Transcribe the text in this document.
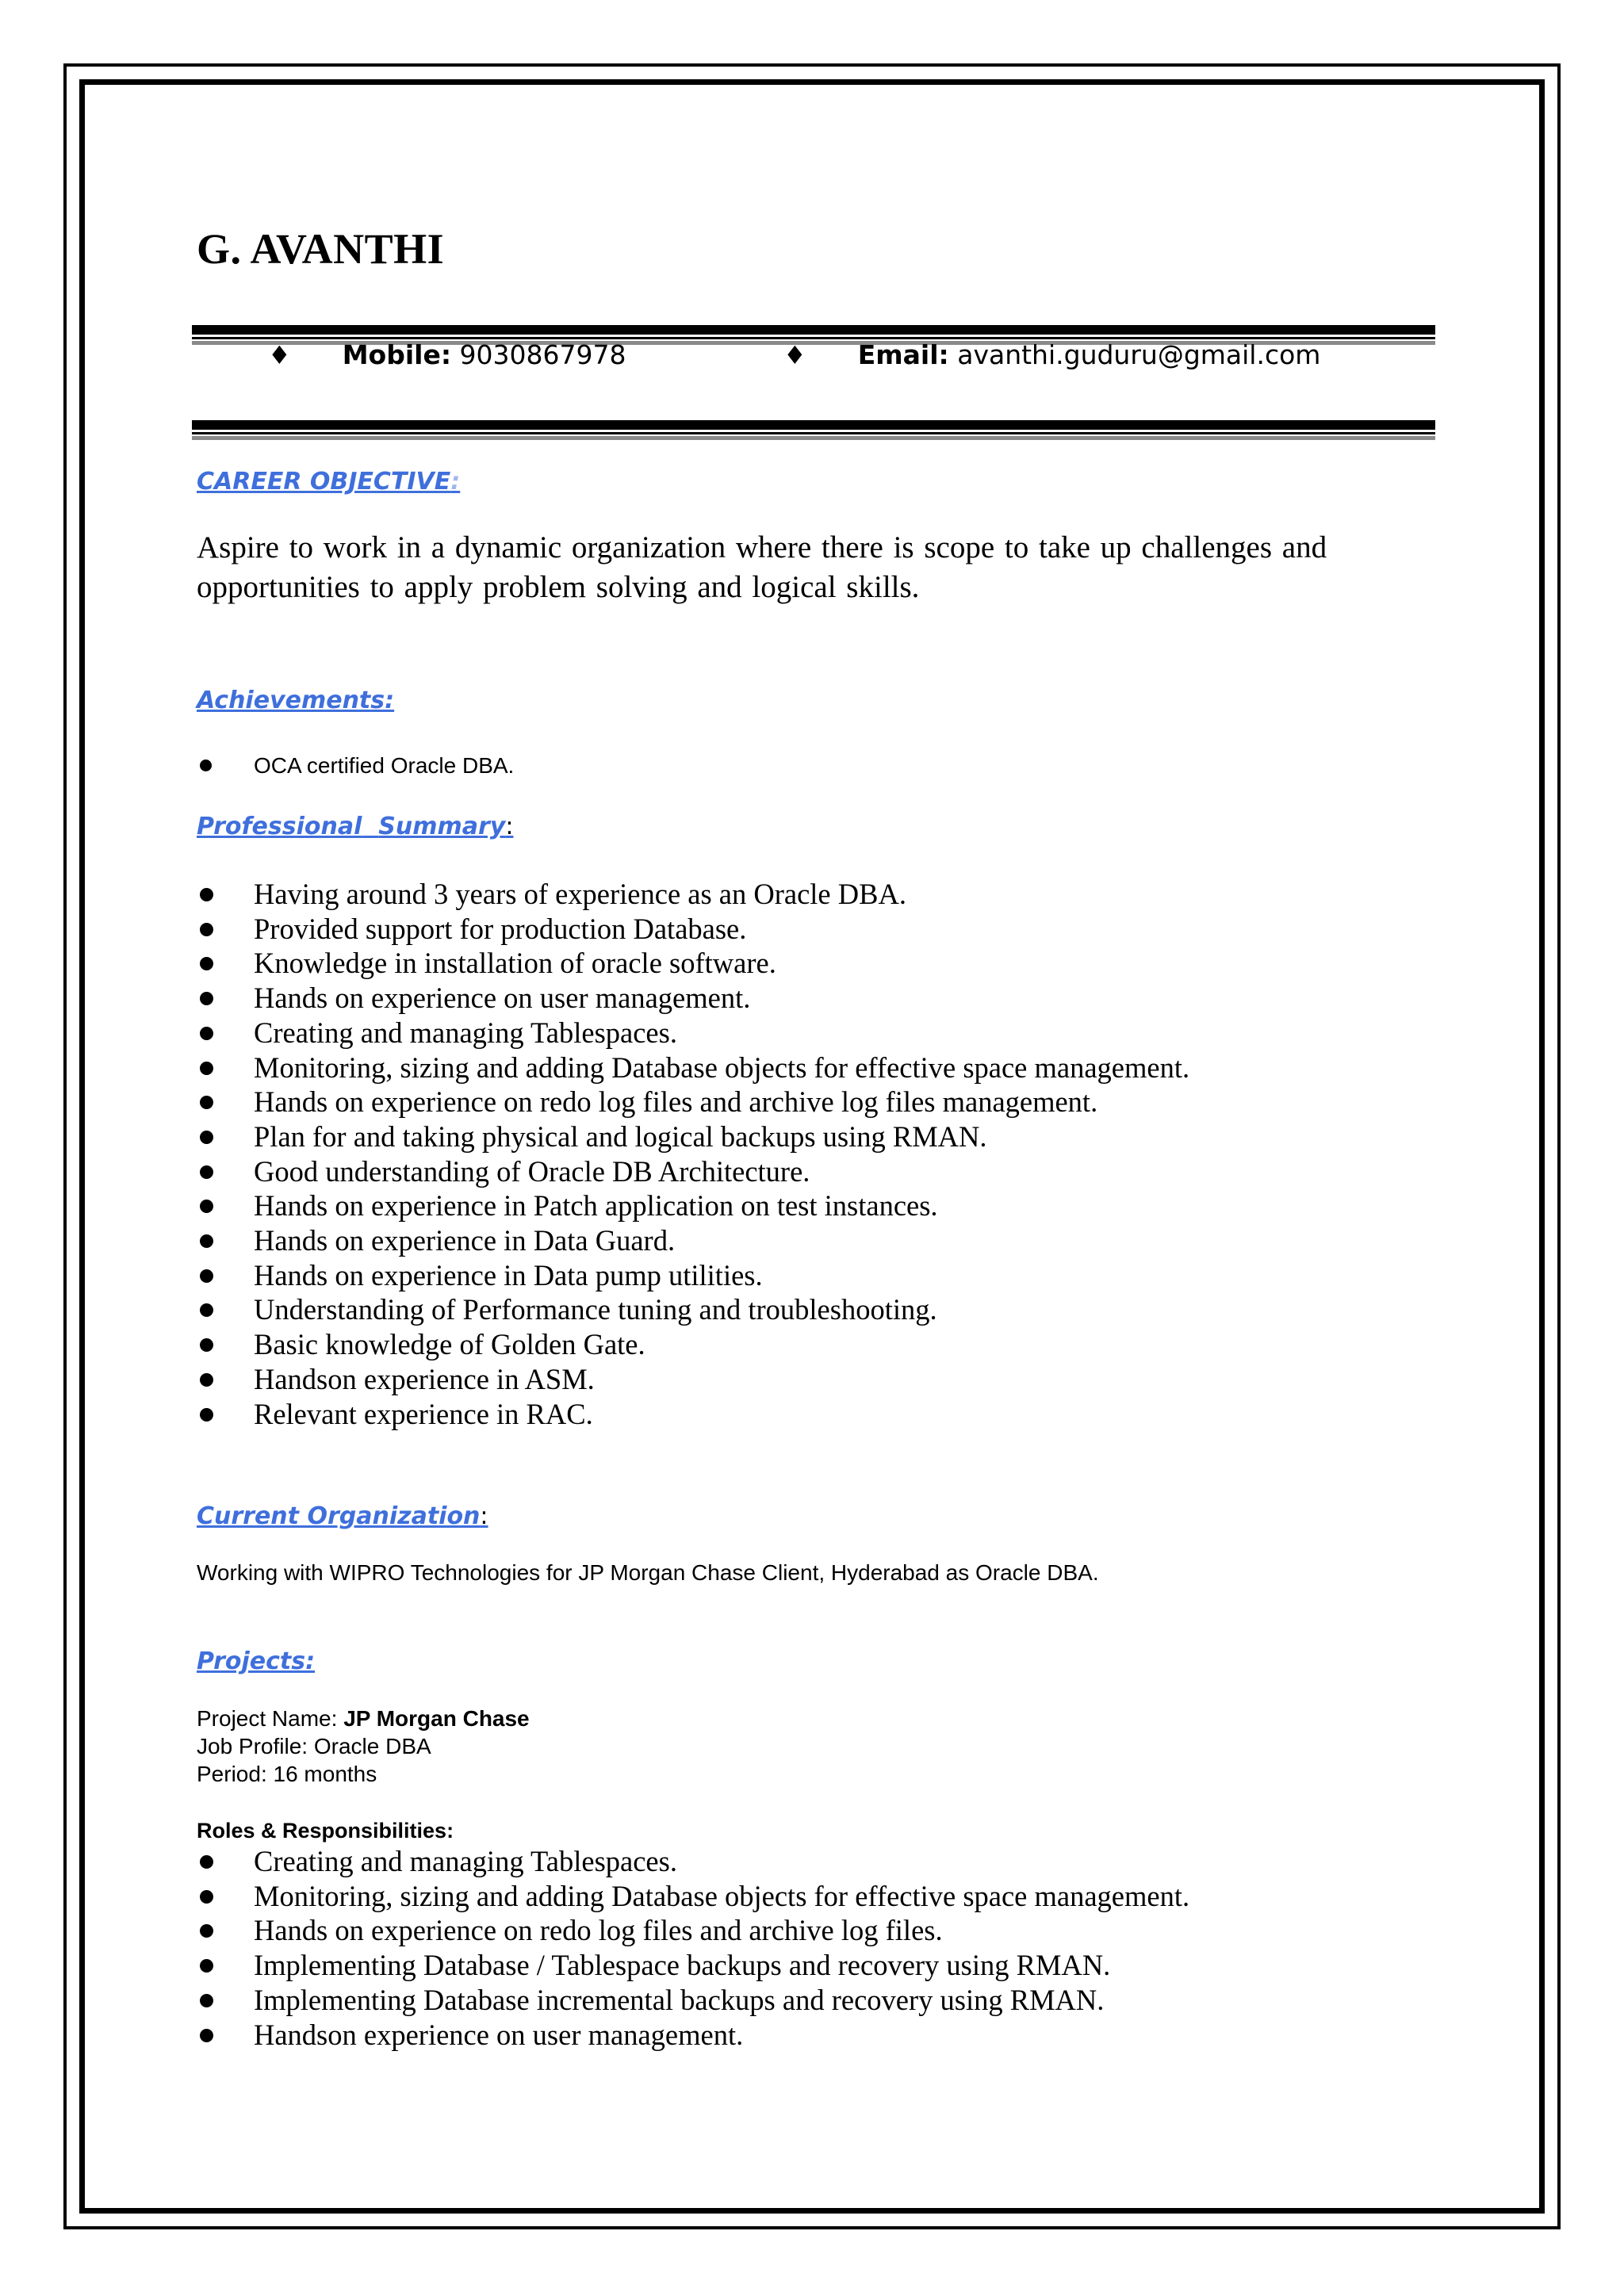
G. AVANTHI
♦ Mobile: 9030867978	♦ Email: avanthi.guduru@gmail.com
CAREER OBJECTIVE:
Aspire to work in a dynamic organization where there is scope to take up challenges and opportunities to apply problem solving and logical skills.
Achievements:
OCA certified Oracle DBA.
Professional Summary:
Having around 3 years of experience as an Oracle DBA.
Provided support for production Database.
Knowledge in installation of oracle software.
Hands on experience on user management.
Creating and managing Tablespaces.
Monitoring, sizing and adding Database objects for effective space management.
Hands on experience on redo log files and archive log files management.
Plan for and taking physical and logical backups using RMAN.
Good understanding of Oracle DB Architecture.
Hands on experience in Patch application on test instances.
Hands on experience in Data Guard.
Hands on experience in Data pump utilities.
Understanding of Performance tuning and troubleshooting.
Basic knowledge of Golden Gate.
Handson experience in ASM.
Relevant experience in RAC.
Current Organization:
Working with WIPRO Technologies for JP Morgan Chase Client, Hyderabad as Oracle DBA.
Projects:
Project Name: JP Morgan Chase
Job Profile: Oracle DBA
Period: 16 months
Roles & Responsibilities:
Creating and managing Tablespaces.
Monitoring, sizing and adding Database objects for effective space management.
Hands on experience on redo log files and archive log files.
Implementing Database / Tablespace backups and recovery using RMAN.
Implementing Database incremental backups and recovery using RMAN.
Handson experience on user management.
